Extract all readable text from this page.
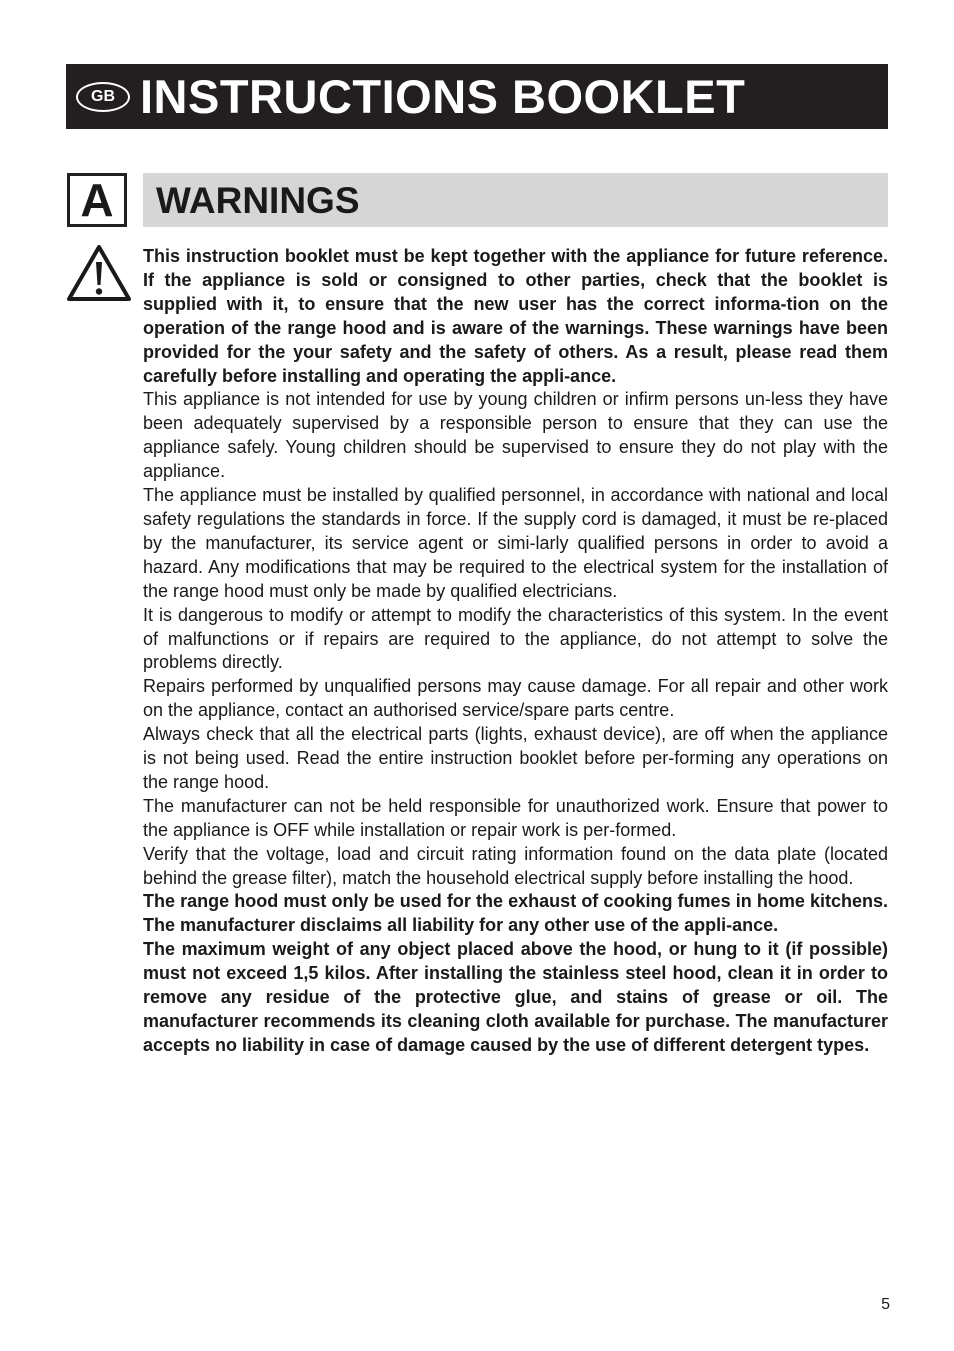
GB INSTRUCTIONS BOOKLET
A WARNINGS

This instruction booklet must be kept together with the appliance for future reference. If the appliance is sold or consigned to other parties, check that the booklet is supplied with it, to ensure that the new user has the correct informa-tion on the operation of the range hood and is aware of the warnings. These warnings have been provided for the your safety and the safety of others. As a result, please read them carefully before installing and operating the appli-ance.

This appliance is not intended for use by young children or infirm persons un-less they have been adequately supervised by a responsible person to ensure that they can use the appliance safely. Young children should be supervised to ensure they do not play with the appliance.

The appliance must be installed by qualified personnel, in accordance with national and local safety regulations the standards in force. If the supply cord is damaged, it must be re-placed by the manufacturer, its service agent or simi-larly qualified persons in order to avoid a hazard. Any modifications that may be required to the electrical system for the installation of the range hood must only be made by qualified electricians.

It is dangerous to modify or attempt to modify the characteristics of this system. In the event of malfunctions or if repairs are required to the appliance, do not attempt to solve the problems directly.

Repairs performed by unqualified persons may cause damage. For all repair and other work on the appliance, contact an authorised service/spare parts centre.

Always check that all the electrical parts (lights, exhaust device), are off when the appliance is not being used. Read the entire instruction booklet before per-forming any operations on the range hood.

The manufacturer can not be held responsible for unauthorized work. Ensure that power to the appliance is OFF while installation or repair work is per-formed.

Verify that the voltage, load and circuit rating information found on the data plate (located behind the grease filter), match the household electrical supply before installing the hood.

The range hood must only be used for the exhaust of cooking fumes in home kitchens. The manufacturer disclaims all liability for any other use of the appli-ance.

The maximum weight of any object placed above the hood, or hung to it (if possible) must not exceed 1,5 kilos. After installing the stainless steel hood, clean it in order to remove any residue of the protective glue, and stains of grease or oil. The manufacturer recommends its cleaning cloth available for purchase. The manufacturer accepts no liability in case of damage caused by the use of different detergent types.

5
